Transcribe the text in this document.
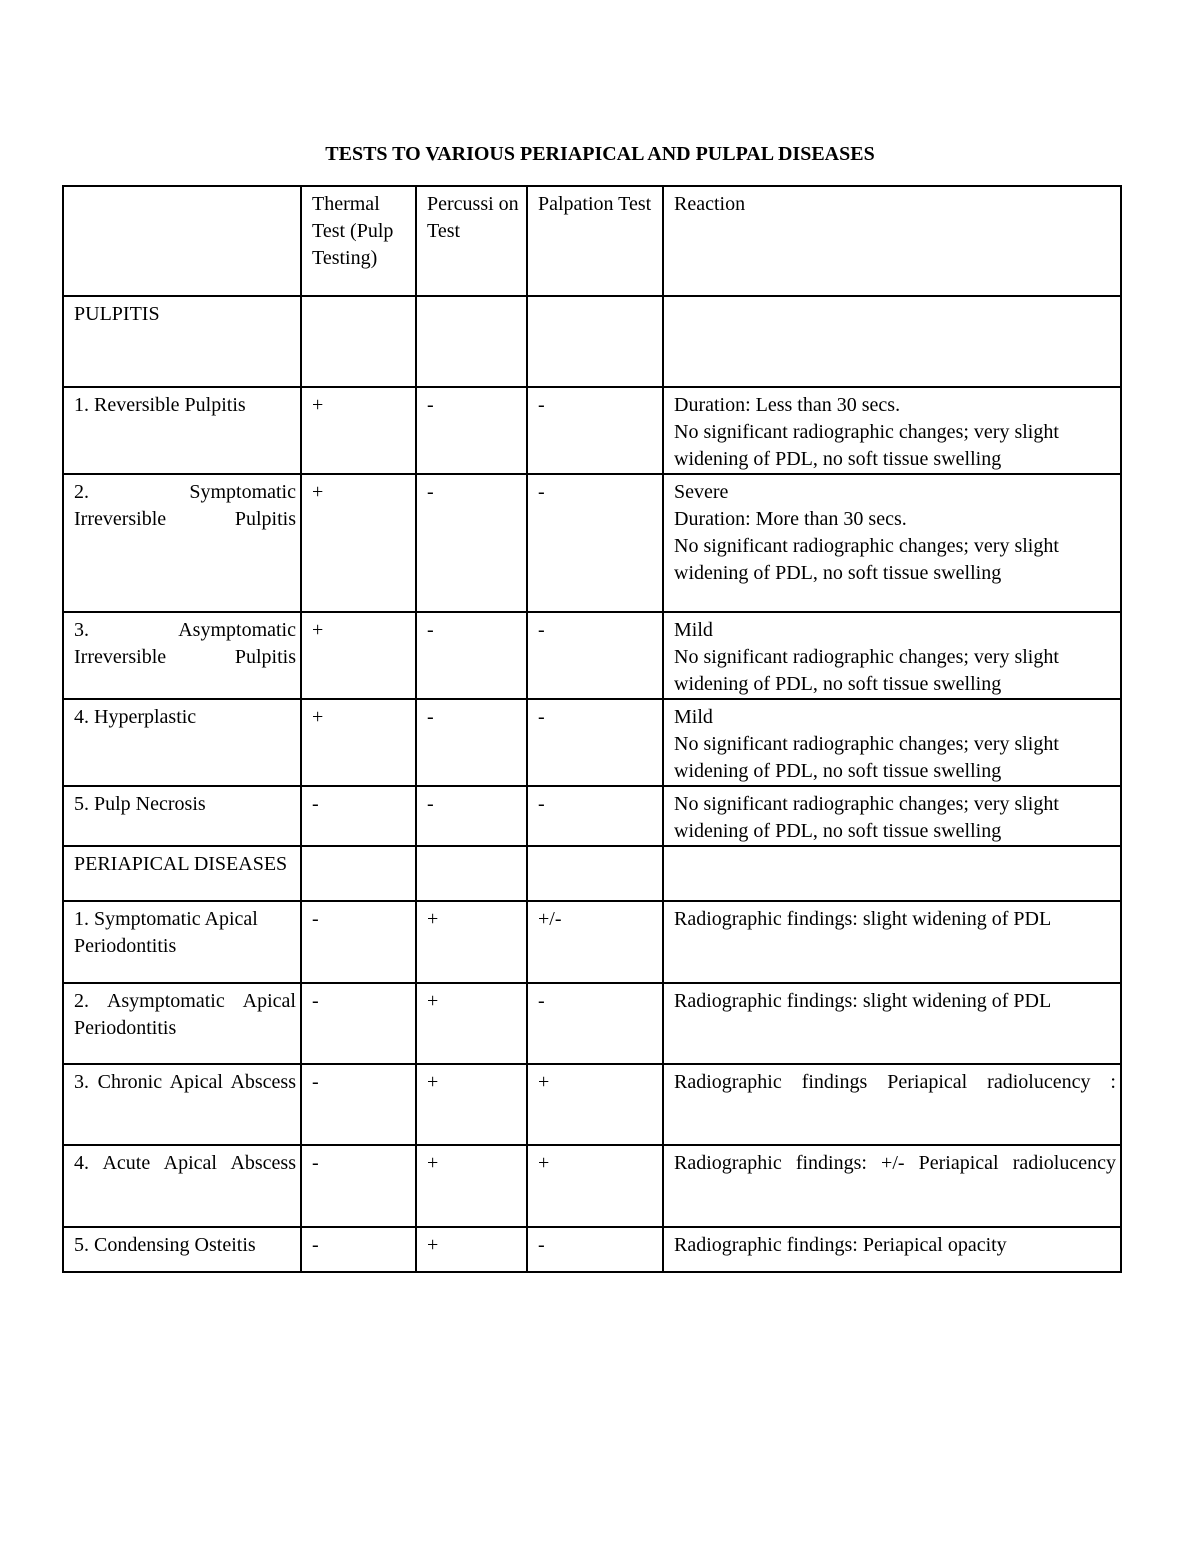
TESTS TO VARIOUS PERIAPICAL AND PULPAL DISEASES
	Thermal Test (Pulp Testing)	Percussi on Test	Palpation Test	Reaction
PULPITIS				
1. Reversible Pulpitis	+	-	-	Duration: Less than 30 secs.
No significant radiographic changes; very slight widening of PDL, no soft tissue swelling
2. Symptomatic Irreversible Pulpitis	+	-	-	Severe
Duration: More than 30 secs.
No significant radiographic changes; very slight widening of PDL, no soft tissue swelling
3. Asymptomatic Irreversible Pulpitis	+	-	-	Mild
No significant radiographic changes; very slight widening of PDL, no soft tissue swelling
4. Hyperplastic	+	-	-	Mild
No significant radiographic changes; very slight widening of PDL, no soft tissue swelling
5. Pulp Necrosis	-	-	-	No significant radiographic changes; very slight widening of PDL, no soft tissue swelling
PERIAPICAL DISEASES				
1. Symptomatic Apical Periodontitis	-	+	+/-	Radiographic findings: slight widening of PDL
2. Asymptomatic Apical Periodontitis	-	+	-	Radiographic findings: slight widening of PDL
3. Chronic Apical Abscess	-	+	+	Radiographic findings Periapical radiolucency :
4. Acute Apical Abscess	-	+	+	Radiographic findings: +/- Periapical radiolucency
5. Condensing Osteitis	-	+	-	Radiographic findings: Periapical opacity
